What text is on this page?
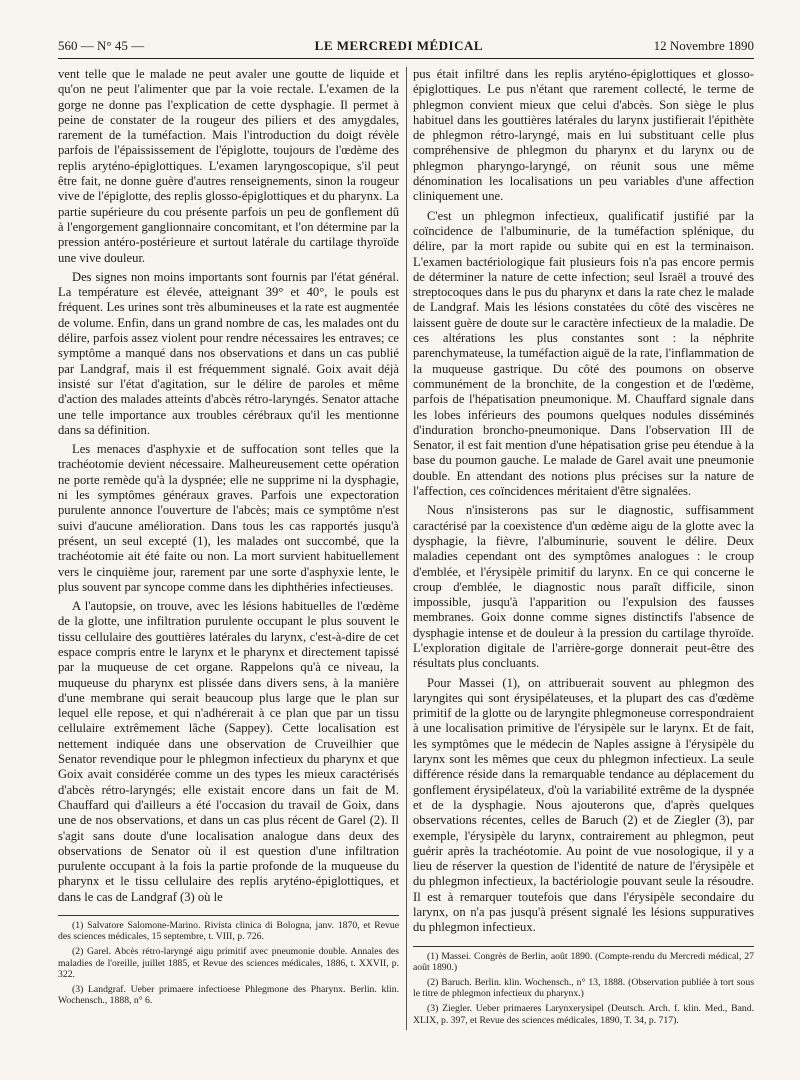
560 — N° 45 —	LE MERCREDI MÉDICAL	12 Novembre 1890

vent telle que le malade ne peut avaler une goutte de liquide et qu'on ne peut l'alimenter que par la voie rectale. L'examen de la gorge ne donne pas l'explication de cette dysphagie. Il permet à peine de constater de la rougeur des piliers et des amygdales, rarement de la tuméfaction. Mais l'introduction du doigt révèle parfois de l'épaississement de l'épiglotte, toujours de l'œdème des replis aryténo-épiglottiques. L'examen laryngoscopique, s'il peut être fait, ne donne guère d'autres renseignements, sinon la rougeur vive de l'épiglotte, des replis glosso-épiglottiques et du pharynx. La partie supérieure du cou présente parfois un peu de gonflement dû à l'engorgement ganglionnaire concomitant, et l'on détermine par la pression antéro-postérieure et surtout latérale du cartilage thyroïde une vive douleur.

Des signes non moins importants sont fournis par l'état général. La température est élevée, atteignant 39° et 40°, le pouls est fréquent. Les urines sont très albumineuses et la rate est augmentée de volume. Enfin, dans un grand nombre de cas, les malades ont du délire, parfois assez violent pour rendre nécessaires les entraves; ce symptôme a manqué dans nos observations et dans un cas publié par Landgraf, mais il est fréquemment signalé. Goix avait déjà insisté sur l'état d'agitation, sur le délire de paroles et même d'action des malades atteints d'abcès rétro-laryngés. Senator attache une telle importance aux troubles cérébraux qu'il les mentionne dans sa définition.

Les menaces d'asphyxie et de suffocation sont telles que la trachéotomie devient nécessaire. Malheureusement cette opération ne porte remède qu'à la dyspnée; elle ne supprime ni la dysphagie, ni les symptômes généraux graves. Parfois une expectoration purulente annonce l'ouverture de l'abcès; mais ce symptôme n'est suivi d'aucune amélioration. Dans tous les cas rapportés jusqu'à présent, un seul excepté (1), les malades ont succombé, que la trachéotomie ait été faite ou non. La mort survient habituellement vers le cinquième jour, rarement par une sorte d'asphyxie lente, le plus souvent par syncope comme dans les diphthéries infectieuses.

A l'autopsie, on trouve, avec les lésions habituelles de l'œdème de la glotte, une infiltration purulente occupant le plus souvent le tissu cellulaire des gouttières latérales du larynx, c'est-à-dire de cet espace compris entre le larynx et le pharynx et directement tapissé par la muqueuse de cet organe. Rappelons qu'à ce niveau, la muqueuse du pharynx est plissée dans divers sens, à la manière d'une membrane qui serait beaucoup plus large que le plan sur lequel elle repose, et qui n'adhérerait à ce plan que par un tissu cellulaire extrêmement lâche (Sappey). Cette localisation est nettement indiquée dans une observation de Cruveilhier que Senator revendique pour le phlegmon infectieux du pharynx et que Goix avait considérée comme un des types les mieux caractérisés d'abcès rétro-laryngés; elle existait encore dans un fait de M. Chauffard qui d'ailleurs a été l'occasion du travail de Goix, dans une de nos observations, et dans un cas plus récent de Garel (2). Il s'agit sans doute d'une localisation analogue dans deux des observations de Senator où il est question d'une infiltration purulente occupant à la fois la partie profonde de la muqueuse du pharynx et le tissu cellulaire des replis aryténo-épiglottiques, et dans le cas de Landgraf (3) où le

(1) Salvatore Salomone-Marino. Rivista clinica di Bologna, janv. 1870, et Revue des sciences médicales, 15 septembre, t. VIII, p. 726.

(2) Garel. Abcès rétro-laryngé aigu primitif avec pneumonie double. Annales des maladies de l'oreille, juillet 1885, et Revue des sciences médicales, 1886, t. XXVII, p. 322.

(3) Landgraf. Ueber primaere infectioese Phlegmone des Pharynx. Berlin. klin. Wochensch., 1888, n° 6.

pus était infiltré dans les replis aryténo-épiglottiques et glosso-épiglottiques. Le pus n'étant que rarement collecté, le terme de phlegmon convient mieux que celui d'abcès. Son siège le plus habituel dans les gouttières latérales du larynx justifierait l'épithète de phlegmon rétro-laryngé, mais en lui substituant celle plus compréhensive de phlegmon du pharynx et du larynx ou de phlegmon pharyngo-laryngé, on réunit sous une même dénomination les localisations un peu variables d'une affection cliniquement une.

C'est un phlegmon infectieux, qualificatif justifié par la coïncidence de l'albuminurie, de la tuméfaction splénique, du délire, par la mort rapide ou subite qui en est la terminaison. L'examen bactériologique fait plusieurs fois n'a pas encore permis de déterminer la nature de cette infection; seul Israël a trouvé des streptocoques dans le pus du pharynx et dans la rate chez le malade de Landgraf. Mais les lésions constatées du côté des viscères ne laissent guère de doute sur le caractère infectieux de la maladie. De ces altérations les plus constantes sont : la néphrite parenchymateuse, la tuméfaction aiguë de la rate, l'inflammation de la muqueuse gastrique. Du côté des poumons on observe communément de la bronchite, de la congestion et de l'œdème, parfois de l'hépatisation pneumonique. M. Chauffard signale dans les lobes inférieurs des poumons quelques nodules disséminés d'induration broncho-pneumonique. Dans l'observation III de Senator, il est fait mention d'une hépatisation grise peu étendue à la base du poumon gauche. Le malade de Garel avait une pneumonie double. En attendant des notions plus précises sur la nature de l'affection, ces coïncidences méritaient d'être signalées.

Nous n'insisterons pas sur le diagnostic, suffisamment caractérisé par la coexistence d'un œdème aigu de la glotte avec la dysphagie, la fièvre, l'albuminurie, souvent le délire. Deux maladies cependant ont des symptômes analogues : le croup d'emblée, et l'érysipèle primitif du larynx. En ce qui concerne le croup d'emblée, le diagnostic nous paraît difficile, sinon impossible, jusqu'à l'apparition ou l'expulsion des fausses membranes. Goix donne comme signes distinctifs l'absence de dysphagie intense et de douleur à la pression du cartilage thyroïde. L'exploration digitale de l'arrière-gorge donnerait peut-être des résultats plus concluants.

Pour Massei (1), on attribuerait souvent au phlegmon des laryngites qui sont érysipélateuses, et la plupart des cas d'œdème primitif de la glotte ou de laryngite phlegmoneuse correspondraient à une localisation primitive de l'érysipèle sur le larynx. Et de fait, les symptômes que le médecin de Naples assigne à l'érysipèle du larynx sont les mêmes que ceux du phlegmon infectieux. La seule différence réside dans la remarquable tendance au déplacement du gonflement érysipélateux, d'où la variabilité extrême de la dyspnée et de la dysphagie. Nous ajouterons que, d'après quelques observations récentes, celles de Baruch (2) et de Ziegler (3), par exemple, l'érysipèle du larynx, contrairement au phlegmon, peut guérir après la trachéotomie. Au point de vue nosologique, il y a lieu de réserver la question de l'identité de nature de l'érysipèle et du phlegmon infectieux, la bactériologie pouvant seule la résoudre. Il est à remarquer toutefois que dans l'érysipèle secondaire du larynx, on n'a pas jusqu'à présent signalé les lésions suppuratives du phlegmon infectieux.

(1) Massei. Congrès de Berlin, août 1890. (Compte-rendu du Mercredi médical, 27 août 1890.)

(2) Baruch. Berlin. klin. Wochensch., n° 13, 1888. (Observation publiée à tort sous le titre de phlegmon infectieux du pharynx.)

(3) Ziegler. Ueber primaeres Larynxerysipel (Deutsch. Arch. f. klin. Med., Band. XLIX, p. 397, et Revue des sciences médicales, 1890, T. 34, p. 717).
